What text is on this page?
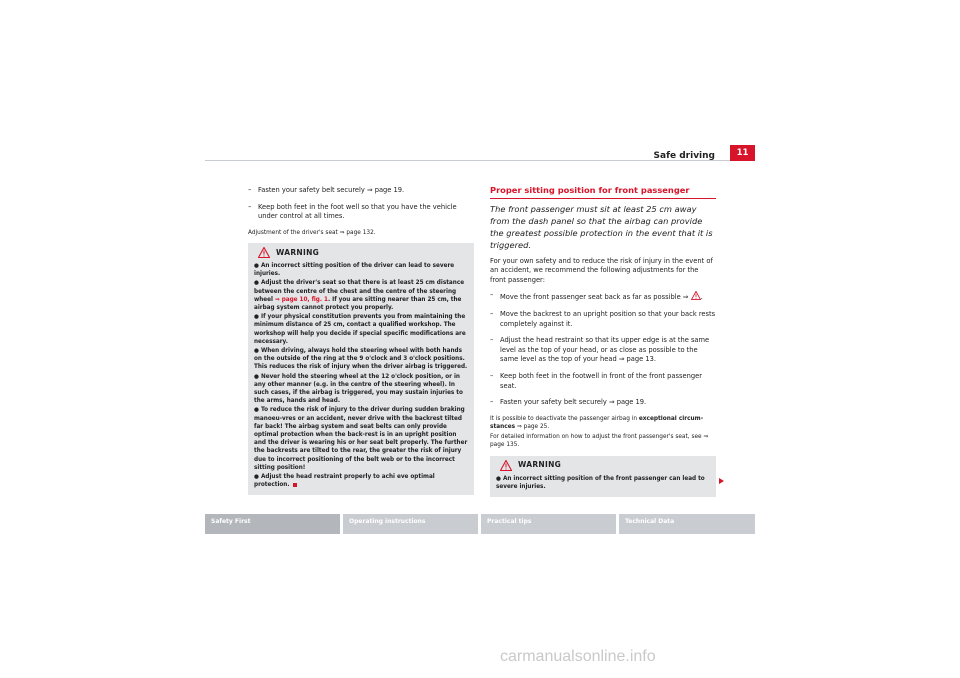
Safe driving	11
– Fasten your safety belt securely ⇒ page 19.
– Keep both feet in the foot well so that you have the vehicle under control at all times.
Adjustment of the driver's seat ⇒ page 132.
WARNING
● An incorrect sitting position of the driver can lead to severe injuries.
● Adjust the driver's seat so that there is at least 25 cm distance between the centre of the chest and the centre of the steering wheel ⇒ page 10, fig. 1. If you are sitting nearer than 25 cm, the airbag system cannot protect you properly.
● If your physical constitution prevents you from maintaining the minimum distance of 25 cm, contact a qualified workshop. The workshop will help you decide if special specific modifications are necessary.
● When driving, always hold the steering wheel with both hands on the outside of the ring at the 9 o'clock and 3 o'clock positions. This reduces the risk of injury when the driver airbag is triggered.
● Never hold the steering wheel at the 12 o'clock position, or in any other manner (e.g. in the centre of the steering wheel). In such cases, if the airbag is triggered, you may sustain injuries to the arms, hands and head.
● To reduce the risk of injury to the driver during sudden braking manoeu-vres or an accident, never drive with the backrest tilted far back! The airbag system and seat belts can only provide optimal protection when the back-rest is in an upright position and the driver is wearing his or her seat belt properly. The further the backrests are tilted to the rear, the greater the risk of injury due to incorrect positioning of the belt web or to the incorrect sitting position!
● Adjust the head restraint properly to achi eve optimal protection.
Proper sitting position for front passenger
The front passenger must sit at least 25 cm away from the dash panel so that the airbag can provide the greatest possible protection in the event that it is triggered.
For your own safety and to reduce the risk of injury in the event of an accident, we recommend the following adjustments for the front passenger:
– Move the front passenger seat back as far as possible ⇒ .
– Move the backrest to an upright position so that your back rests completely against it.
– Adjust the head restraint so that its upper edge is at the same level as the top of your head, or as close as possible to the same level as the top of your head ⇒ page 13.
– Keep both feet in the footwell in front of the front passenger seat.
– Fasten your safety belt securely ⇒ page 19.
It is possible to deactivate the passenger airbag in exceptional circum-stances ⇒ page 25.
For detailed information on how to adjust the front passenger's seat, see ⇒ page 135.
WARNING
● An incorrect sitting position of the front passenger can lead to severe injuries.
Safety First	Operating instructions	Practical tips	Technical Data
carmanualsonline.info
